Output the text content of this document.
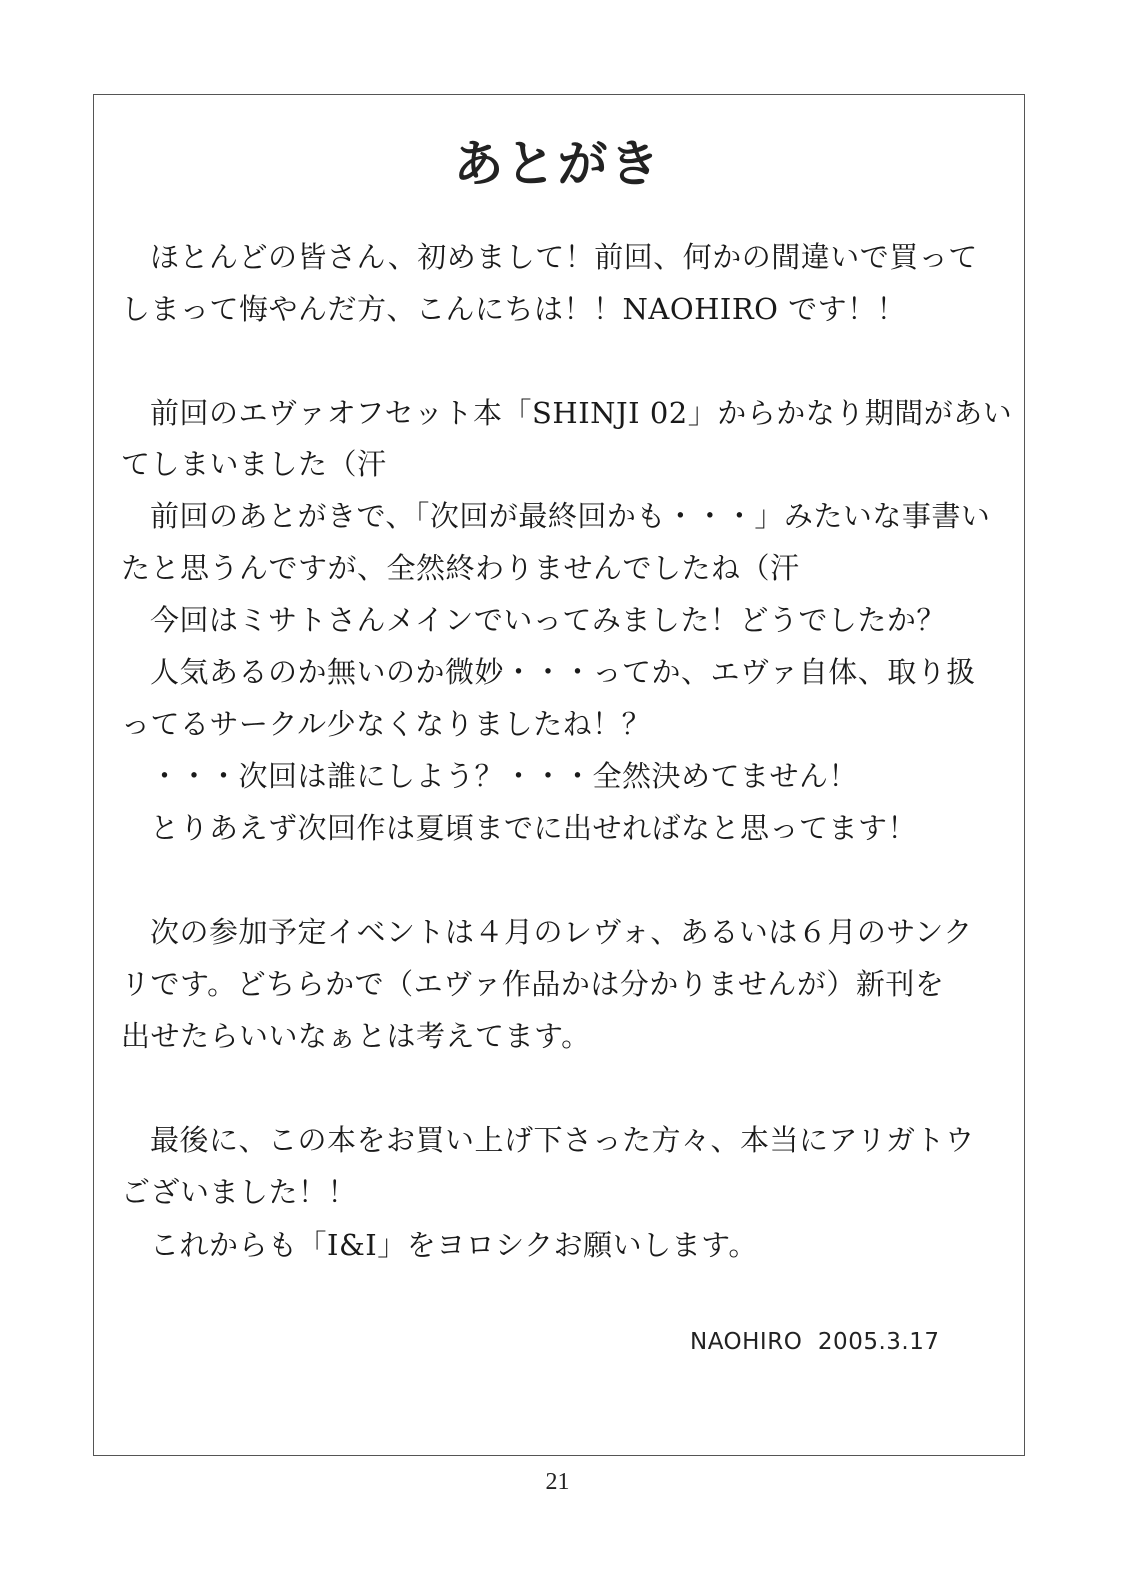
あとがき
ほとんどの皆さん、初めまして！前回、何かの間違いで買って
しまって悔やんだ方、こんにちは！！NAOHIRO です！！
前回のエヴァオフセット本「SHINJI 02」からかなり期間があい
てしまいました（汗
前回のあとがきで、「次回が最終回かも・・・」みたいな事書い
たと思うんですが、全然終わりませんでしたね（汗
今回はミサトさんメインでいってみました！どうでしたか？
人気あるのか無いのか微妙・・・ってか、エヴァ自体、取り扱
ってるサークル少なくなりましたね！？
・・・次回は誰にしよう？・・・全然決めてません！
とりあえず次回作は夏頃までに出せればなと思ってます！
次の参加予定イベントは４月のレヴォ、あるいは６月のサンク
リです。どちらかで（エヴァ作品かは分かりませんが）新刊を
出せたらいいなぁとは考えてます。
最後に、この本をお買い上げ下さった方々、本当にアリガトウ
ございました！！
これからも「I&I」をヨロシクお願いします。
NAOHIRO  2005.3.17
21
